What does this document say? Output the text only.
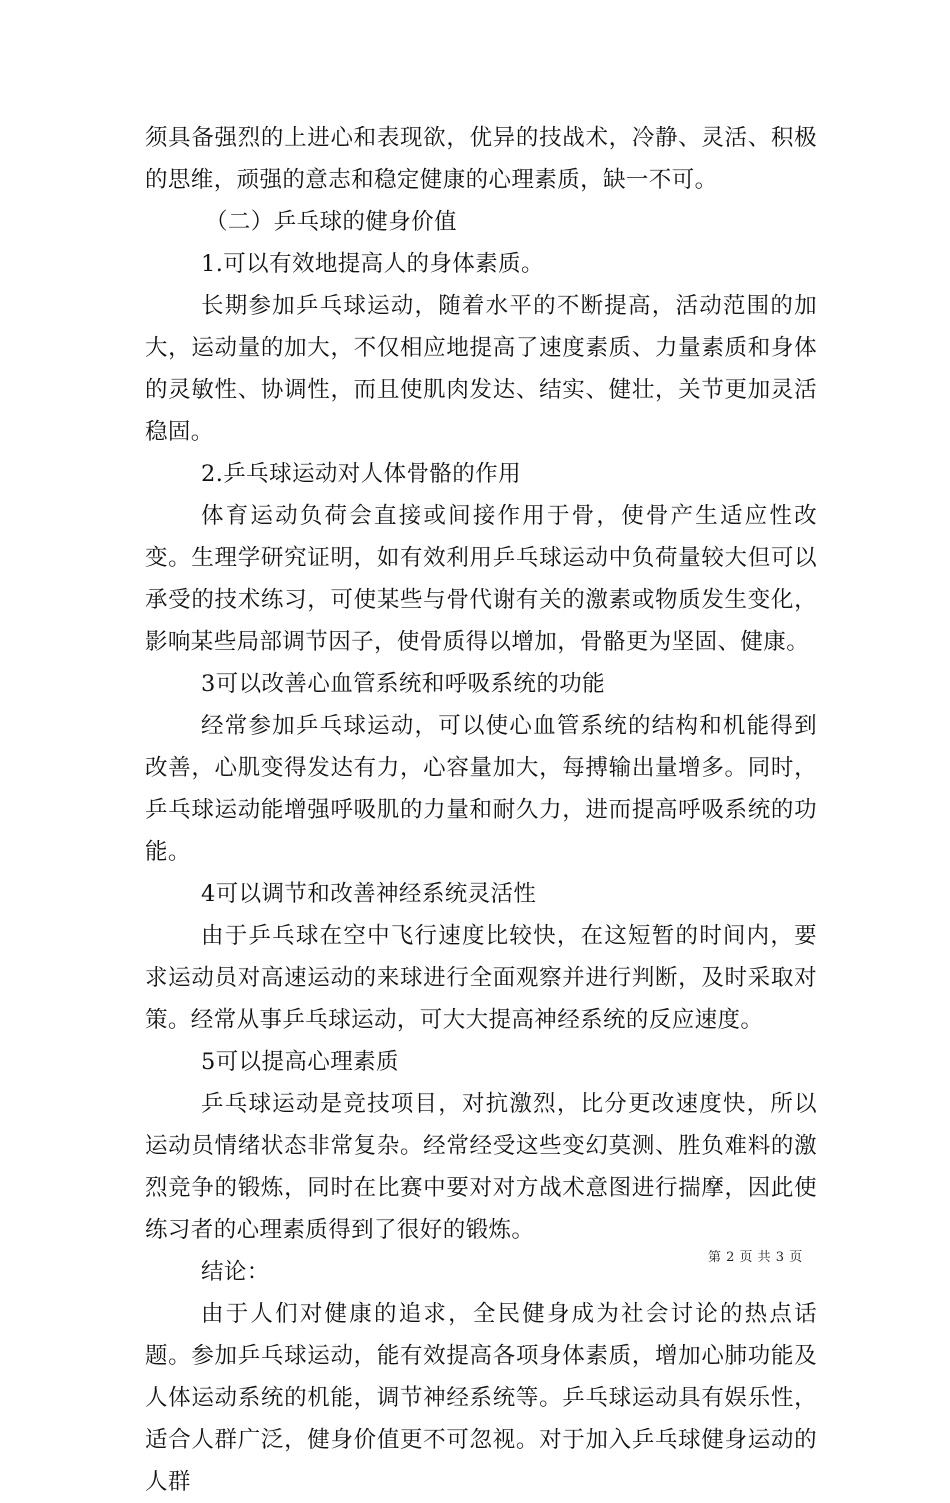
须具备强烈的上进心和表现欲，优异的技战术，冷静、灵活、积极的思维，顽强的意志和稳定健康的心理素质，缺一不可。

（二）乒乓球的健身价值

1.可以有效地提高人的身体素质。

长期参加乒乓球运动，随着水平的不断提高，活动范围的加大，运动量的加大，不仅相应地提高了速度素质、力量素质和身体的灵敏性、协调性，而且使肌肉发达、结实、健壮，关节更加灵活稳固。

2.乒乓球运动对人体骨骼的作用

体育运动负荷会直接或间接作用于骨，使骨产生适应性改变。生理学研究证明，如有效利用乒乓球运动中负荷量较大但可以承受的技术练习，可使某些与骨代谢有关的激素或物质发生变化，影响某些局部调节因子，使骨质得以增加，骨骼更为坚固、健康。

3可以改善心血管系统和呼吸系统的功能

经常参加乒乓球运动，可以使心血管系统的结构和机能得到改善，心肌变得发达有力，心容量加大，每搏输出量增多。同时，乒乓球运动能增强呼吸肌的力量和耐久力，进而提高呼吸系统的功能。

4可以调节和改善神经系统灵活性

由于乒乓球在空中飞行速度比较快，在这短暂的时间内，要求运动员对高速运动的来球进行全面观察并进行判断，及时采取对策。经常从事乒乓球运动，可大大提高神经系统的反应速度。

5可以提高心理素质

乒乓球运动是竞技项目，对抗激烈，比分更改速度快，所以运动员情绪状态非常复杂。经常经受这些变幻莫测、胜负难料的激烈竞争的锻炼，同时在比赛中要对对方战术意图进行揣摩，因此使练习者的心理素质得到了很好的锻炼。

结论：

由于人们对健康的追求，全民健身成为社会讨论的热点话题。参加乒乓球运动，能有效提高各项身体素质，增加心肺功能及人体运动系统的机能，调节神经系统等。乒乓球运动具有娱乐性，适合人群广泛，健身价值更不可忽视。对于加入乒乓球健身运动的人群

第 2 页 共 3 页
